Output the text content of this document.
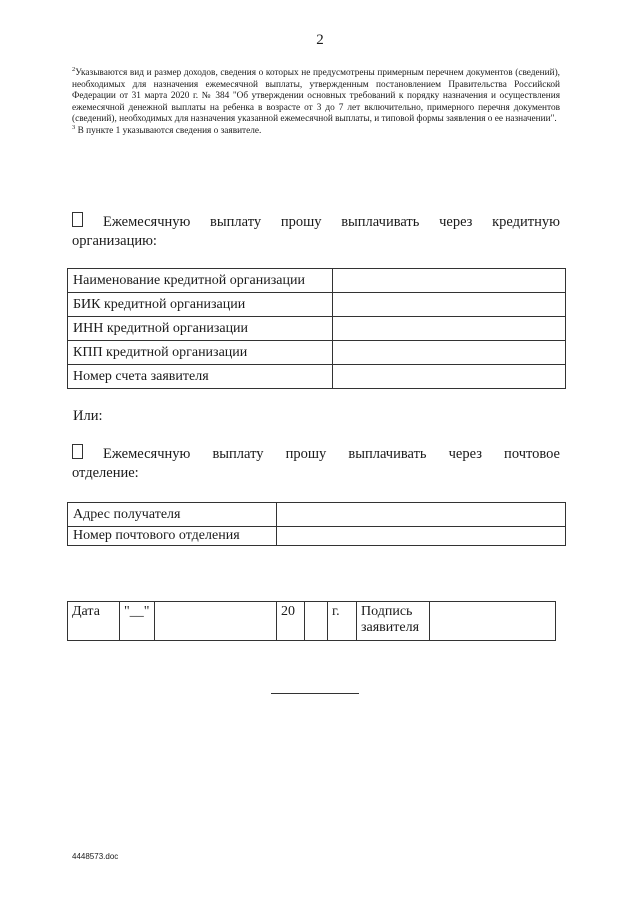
2

$^2$Указываются вид и размер доходов, сведения о которых не предусмотрены примерным перечнем документов (сведений), необходимых для назначения ежемесячной выплаты, утвержденным постановлением Правительства Российской Федерации от 31 марта 2020 г. № 384 "Об утверждении основных требований к порядку назначения и осуществления ежемесячной денежной выплаты на ребенка в возрасте от 3 до 7 лет включительно, примерного перечня документов (сведений), необходимых для назначения указанной ежемесячной выплаты, и типовой формы заявления о ее назначении".

$^3$ В пункте 1 указываются сведения о заявителе.

Ежемесячную выплату прошу выплачивать через кредитную
организацию:
Наименование кредитной организации	
БИК кредитной организации	
ИНН кредитной организации	
КПП кредитной организации	
Номер счета заявителя	
Или:
Ежемесячную выплату прошу выплачивать через почтовое
отделение:
Адрес получателя	
Номер почтового отделения	
Дата	"__"		20		г.	Подпись заявителя	
4448573.doc
